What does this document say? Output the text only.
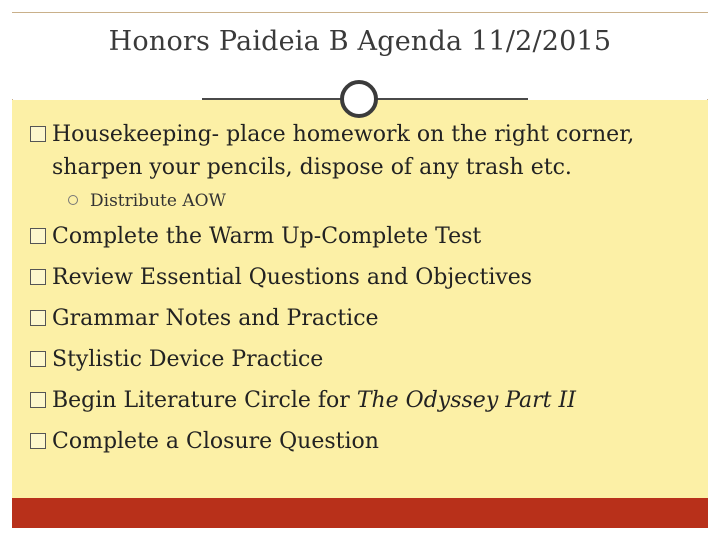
Honors Paideia B Agenda 11/2/2015

Housekeeping- place homework on the right corner, sharpen your pencils, dispose of any trash etc.

Distribute AOW

Complete the Warm Up-Complete Test

Review Essential Questions and Objectives

Grammar Notes and Practice

Stylistic Device Practice

Begin Literature Circle for The Odyssey Part II

Complete a Closure Question
